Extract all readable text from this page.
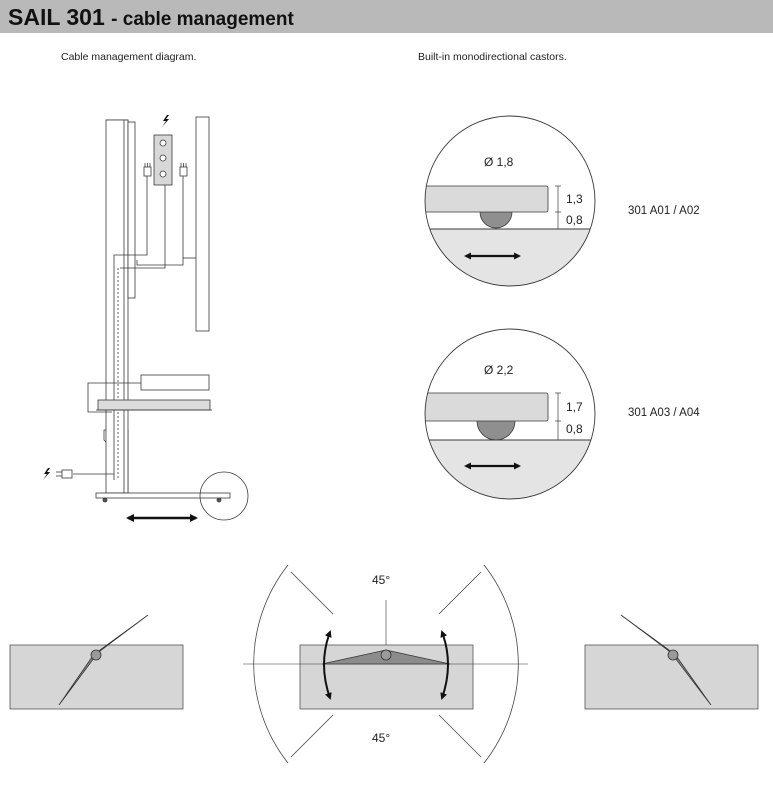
SAIL 301 - cable management
Cable management diagram.	Built-in monodirectional castors.
Ø 1,8
1,3
0,8
301 A01 / A02
Ø 2,2
1,7
0,8
301 A03 / A04
45°
45°
